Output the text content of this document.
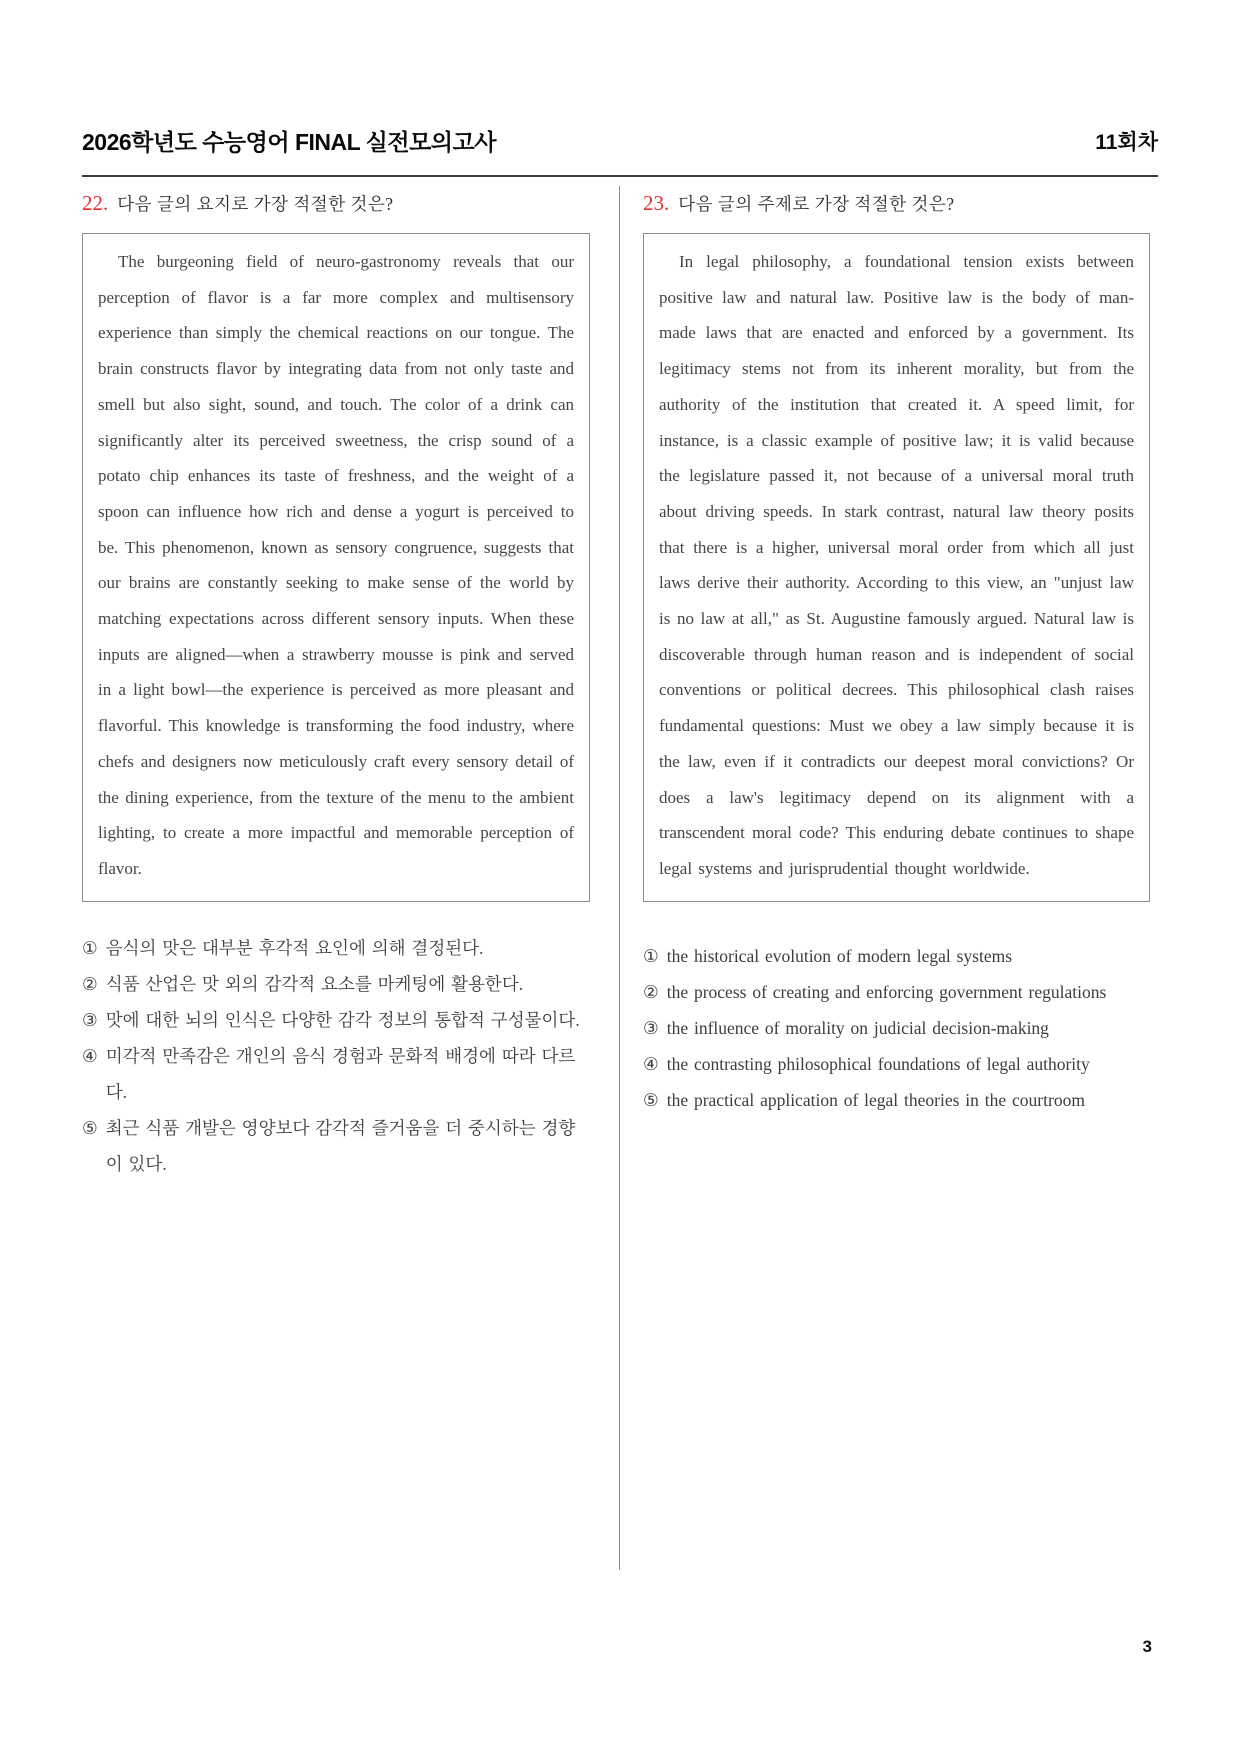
2026학년도 수능영어 FINAL 실전모의고사	11회차
22. 다음 글의 요지로 가장 적절한 것은?

The burgeoning field of neuro-gastronomy reveals that our perception of flavor is a far more complex and multisensory experience than simply the chemical reactions on our tongue. The brain constructs flavor by integrating data from not only taste and smell but also sight, sound, and touch. The color of a drink can significantly alter its perceived sweetness, the crisp sound of a potato chip enhances its taste of freshness, and the weight of a spoon can influence how rich and dense a yogurt is perceived to be. This phenomenon, known as sensory congruence, suggests that our brains are constantly seeking to make sense of the world by matching expectations across different sensory inputs. When these inputs are aligned—when a strawberry mousse is pink and served in a light bowl—the experience is perceived as more pleasant and flavorful. This knowledge is transforming the food industry, where chefs and designers now meticulously craft every sensory detail of the dining experience, from the texture of the menu to the ambient lighting, to create a more impactful and memorable perception of flavor.

① 음식의 맛은 대부분 후각적 요인에 의해 결정된다.
② 식품 산업은 맛 외의 감각적 요소를 마케팅에 활용한다.
③ 맛에 대한 뇌의 인식은 다양한 감각 정보의 통합적 구성물이다.
④ 미각적 만족감은 개인의 음식 경험과 문화적 배경에 따라 다르다.
⑤ 최근 식품 개발은 영양보다 감각적 즐거움을 더 중시하는 경향이 있다.
23. 다음 글의 주제로 가장 적절한 것은?

In legal philosophy, a foundational tension exists between positive law and natural law. Positive law is the body of man-made laws that are enacted and enforced by a government. Its legitimacy stems not from its inherent morality, but from the authority of the institution that created it. A speed limit, for instance, is a classic example of positive law; it is valid because the legislature passed it, not because of a universal moral truth about driving speeds. In stark contrast, natural law theory posits that there is a higher, universal moral order from which all just laws derive their authority. According to this view, an "unjust law is no law at all," as St. Augustine famously argued. Natural law is discoverable through human reason and is independent of social conventions or political decrees. This philosophical clash raises fundamental questions: Must we obey a law simply because it is the law, even if it contradicts our deepest moral convictions? Or does a law's legitimacy depend on its alignment with a transcendent moral code? This enduring debate continues to shape legal systems and jurisprudential thought worldwide.

① the historical evolution of modern legal systems
② the process of creating and enforcing government regulations
③ the influence of morality on judicial decision-making
④ the contrasting philosophical foundations of legal authority
⑤ the practical application of legal theories in the courtroom
3
